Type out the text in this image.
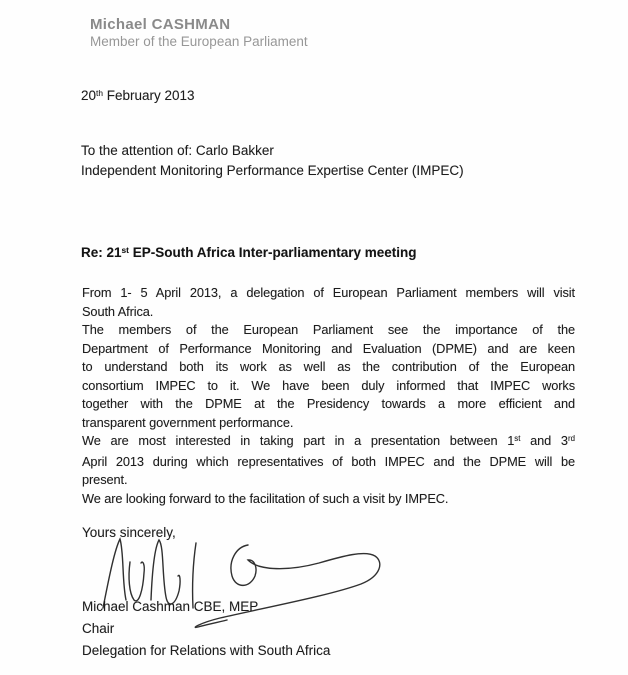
Michael CASHMAN
Member of the European Parliament
20th February 2013
To the attention of: Carlo Bakker
Independent Monitoring Performance Expertise Center (IMPEC)
Re: 21st EP-South Africa Inter-parliamentary meeting
From 1- 5 April 2013, a delegation of European Parliament members will visit
South Africa.
The members of the European Parliament see the importance of the
Department of Performance Monitoring and Evaluation (DPME) and are keen
to understand both its work as well as the contribution of the European
consortium IMPEC to it. We have been duly informed that IMPEC works
together with the DPME at the Presidency towards a more efficient and
transparent government performance.
We are most interested in taking part in a presentation between 1st and 3rd
April 2013 during which representatives of both IMPEC and the DPME will be
present.
We are looking forward to the facilitation of such a visit by IMPEC.
Yours sincerely,
Michael Cashman CBE, MEP
Chair
Delegation for Relations with South Africa
